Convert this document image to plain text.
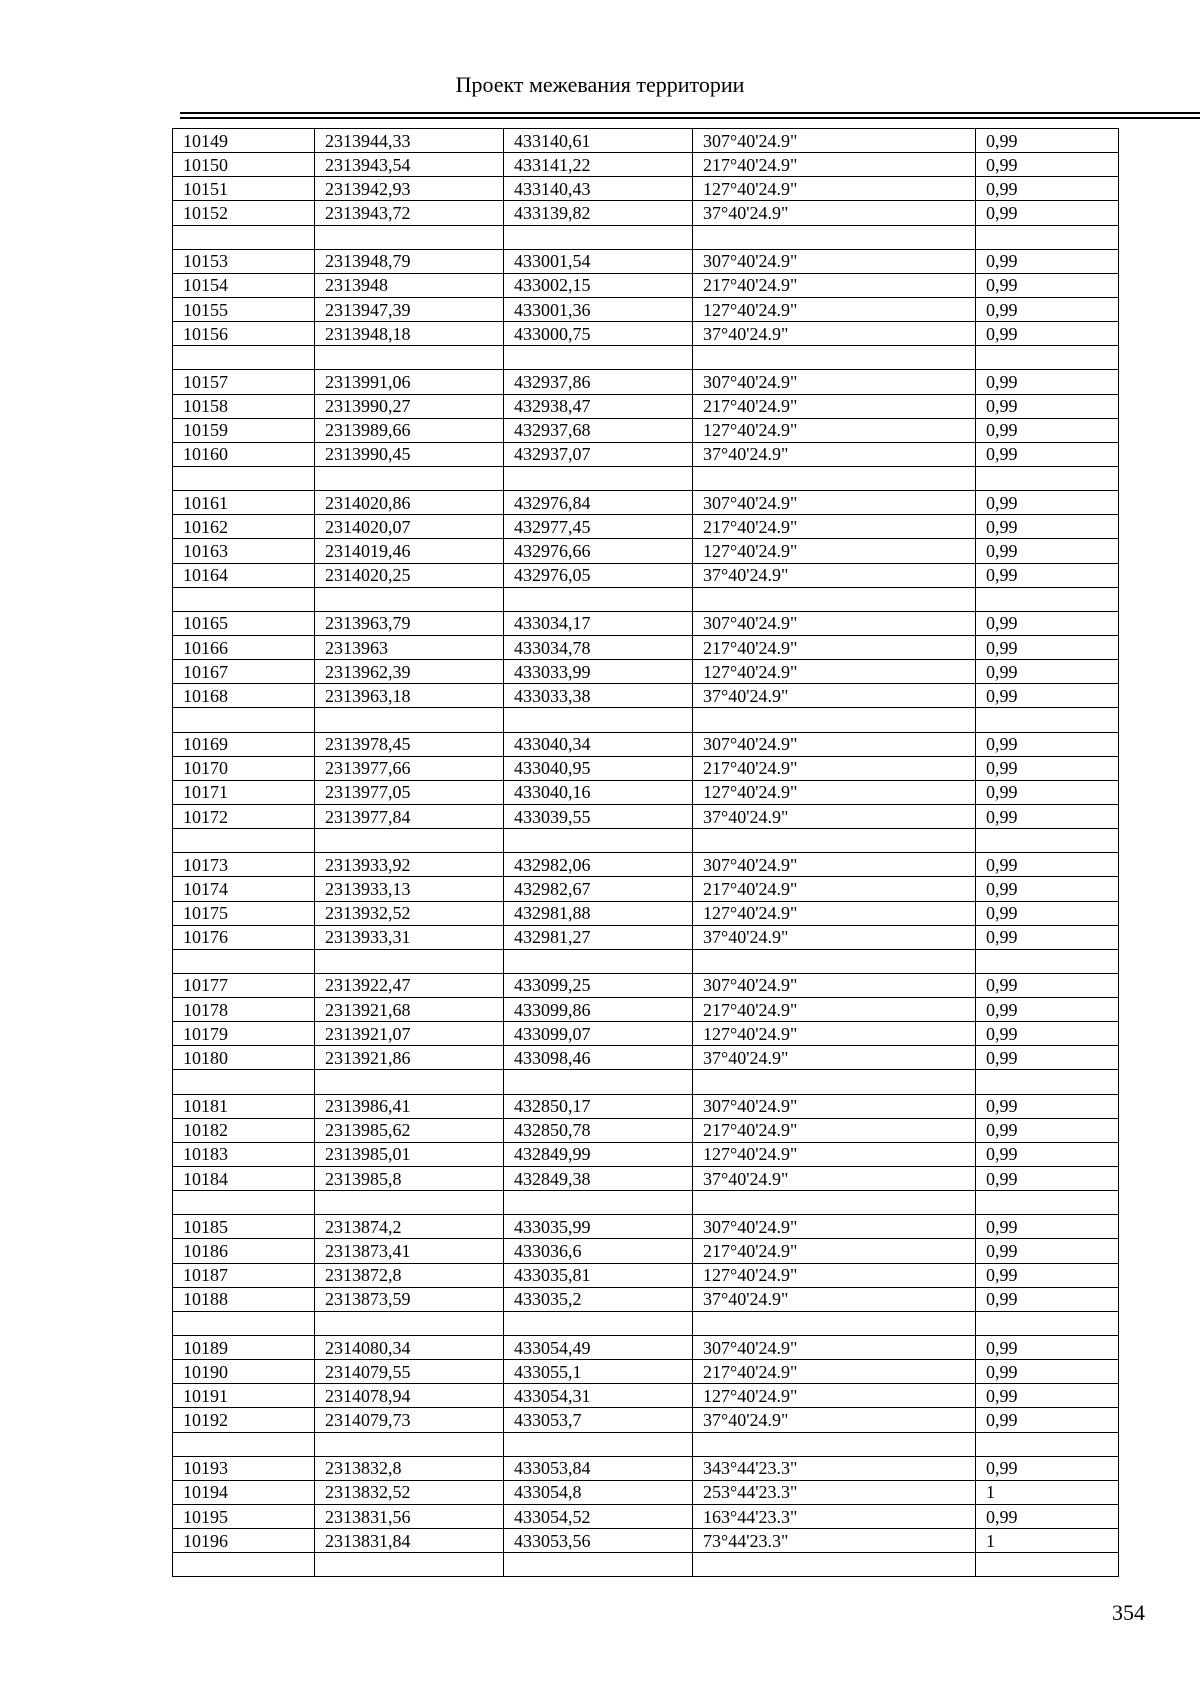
Проект межевания территории
10149	2313944,33	433140,61	307°40'24.9"	0,99
10150	2313943,54	433141,22	217°40'24.9"	0,99
10151	2313942,93	433140,43	127°40'24.9"	0,99
10152	2313943,72	433139,82	37°40'24.9"	0,99

10153	2313948,79	433001,54	307°40'24.9"	0,99
10154	2313948	433002,15	217°40'24.9"	0,99
10155	2313947,39	433001,36	127°40'24.9"	0,99
10156	2313948,18	433000,75	37°40'24.9"	0,99

10157	2313991,06	432937,86	307°40'24.9"	0,99
10158	2313990,27	432938,47	217°40'24.9"	0,99
10159	2313989,66	432937,68	127°40'24.9"	0,99
10160	2313990,45	432937,07	37°40'24.9"	0,99

10161	2314020,86	432976,84	307°40'24.9"	0,99
10162	2314020,07	432977,45	217°40'24.9"	0,99
10163	2314019,46	432976,66	127°40'24.9"	0,99
10164	2314020,25	432976,05	37°40'24.9"	0,99

10165	2313963,79	433034,17	307°40'24.9"	0,99
10166	2313963	433034,78	217°40'24.9"	0,99
10167	2313962,39	433033,99	127°40'24.9"	0,99
10168	2313963,18	433033,38	37°40'24.9"	0,99

10169	2313978,45	433040,34	307°40'24.9"	0,99
10170	2313977,66	433040,95	217°40'24.9"	0,99
10171	2313977,05	433040,16	127°40'24.9"	0,99
10172	2313977,84	433039,55	37°40'24.9"	0,99

10173	2313933,92	432982,06	307°40'24.9"	0,99
10174	2313933,13	432982,67	217°40'24.9"	0,99
10175	2313932,52	432981,88	127°40'24.9"	0,99
10176	2313933,31	432981,27	37°40'24.9"	0,99

10177	2313922,47	433099,25	307°40'24.9"	0,99
10178	2313921,68	433099,86	217°40'24.9"	0,99
10179	2313921,07	433099,07	127°40'24.9"	0,99
10180	2313921,86	433098,46	37°40'24.9"	0,99

10181	2313986,41	432850,17	307°40'24.9"	0,99
10182	2313985,62	432850,78	217°40'24.9"	0,99
10183	2313985,01	432849,99	127°40'24.9"	0,99
10184	2313985,8	432849,38	37°40'24.9"	0,99

10185	2313874,2	433035,99	307°40'24.9"	0,99
10186	2313873,41	433036,6	217°40'24.9"	0,99
10187	2313872,8	433035,81	127°40'24.9"	0,99
10188	2313873,59	433035,2	37°40'24.9"	0,99

10189	2314080,34	433054,49	307°40'24.9"	0,99
10190	2314079,55	433055,1	217°40'24.9"	0,99
10191	2314078,94	433054,31	127°40'24.9"	0,99
10192	2314079,73	433053,7	37°40'24.9"	0,99

10193	2313832,8	433053,84	343°44'23.3"	0,99
10194	2313832,52	433054,8	253°44'23.3"	1
10195	2313831,56	433054,52	163°44'23.3"	0,99
10196	2313831,84	433053,56	73°44'23.3"	1

354
